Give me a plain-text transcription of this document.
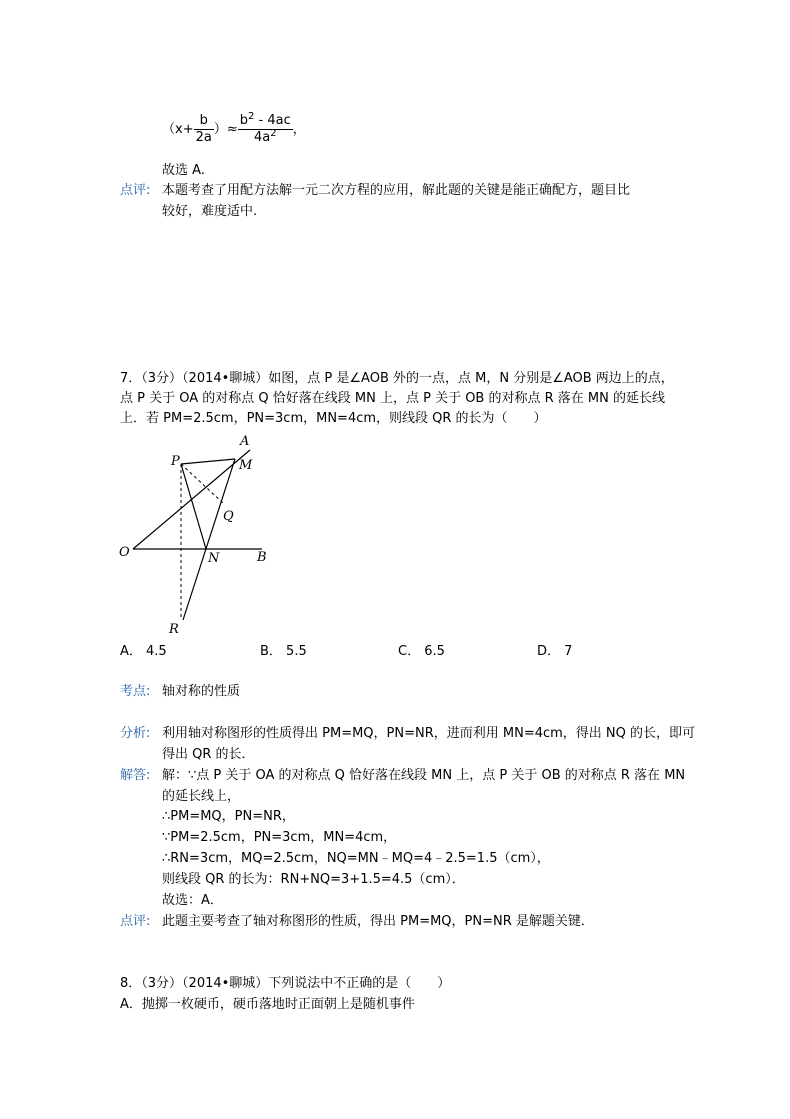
（$x+ \frac{b}{2a}$ ）≈ $\frac{b^2 - 4ac}{4a^2}$ ，
故选 A.
点评: 本题考查了用配方法解一元二次方程的应用，解此题的关键是能正确配方，题目比
较好，难度适中.
7．（3分）（2014•聊城）如图，点 P 是∠AOB 外的一点，点 M，N 分别是∠AOB 两边上的点，
点 P 关于 OA 的对称点 Q 恰好落在线段 MN 上，点 P 关于 OB 的对称点 R 落在 MN 的延长线
上．若 PM=2.5cm，PN=3cm，MN=4cm，则线段 QR 的长为（　　）
A
M
P
Q
O	N	B
R
A． 4.5	B． 5.5	C． 6.5	D． 7
考点: 轴对称的性质
分析: 利用轴对称图形的性质得出 PM=MQ，PN=NR，进而利用 MN=4cm，得出 NQ 的长，即可
得出 QR 的长．
解答: 解：∵点 P 关于 OA 的对称点 Q 恰好落在线段 MN 上，点 P 关于 OB 的对称点 R 落在 MN
的延长线上，
∴PM=MQ，PN=NR，
∵PM=2.5cm，PN=3cm，MN=4cm，
∴RN=3cm，MQ=2.5cm，NQ=MN﹣MQ=4﹣2.5=1.5（cm），
则线段 QR 的长为：RN+NQ=3+1.5=4.5（cm）．
故选：A．
点评: 此题主要考查了轴对称图形的性质，得出 PM=MQ，PN=NR 是解题关键．
8．（3分）（2014•聊城）下列说法中不正确的是（　　）
A．抛掷一枚硬币，硬币落地时正面朝上是随机事件
